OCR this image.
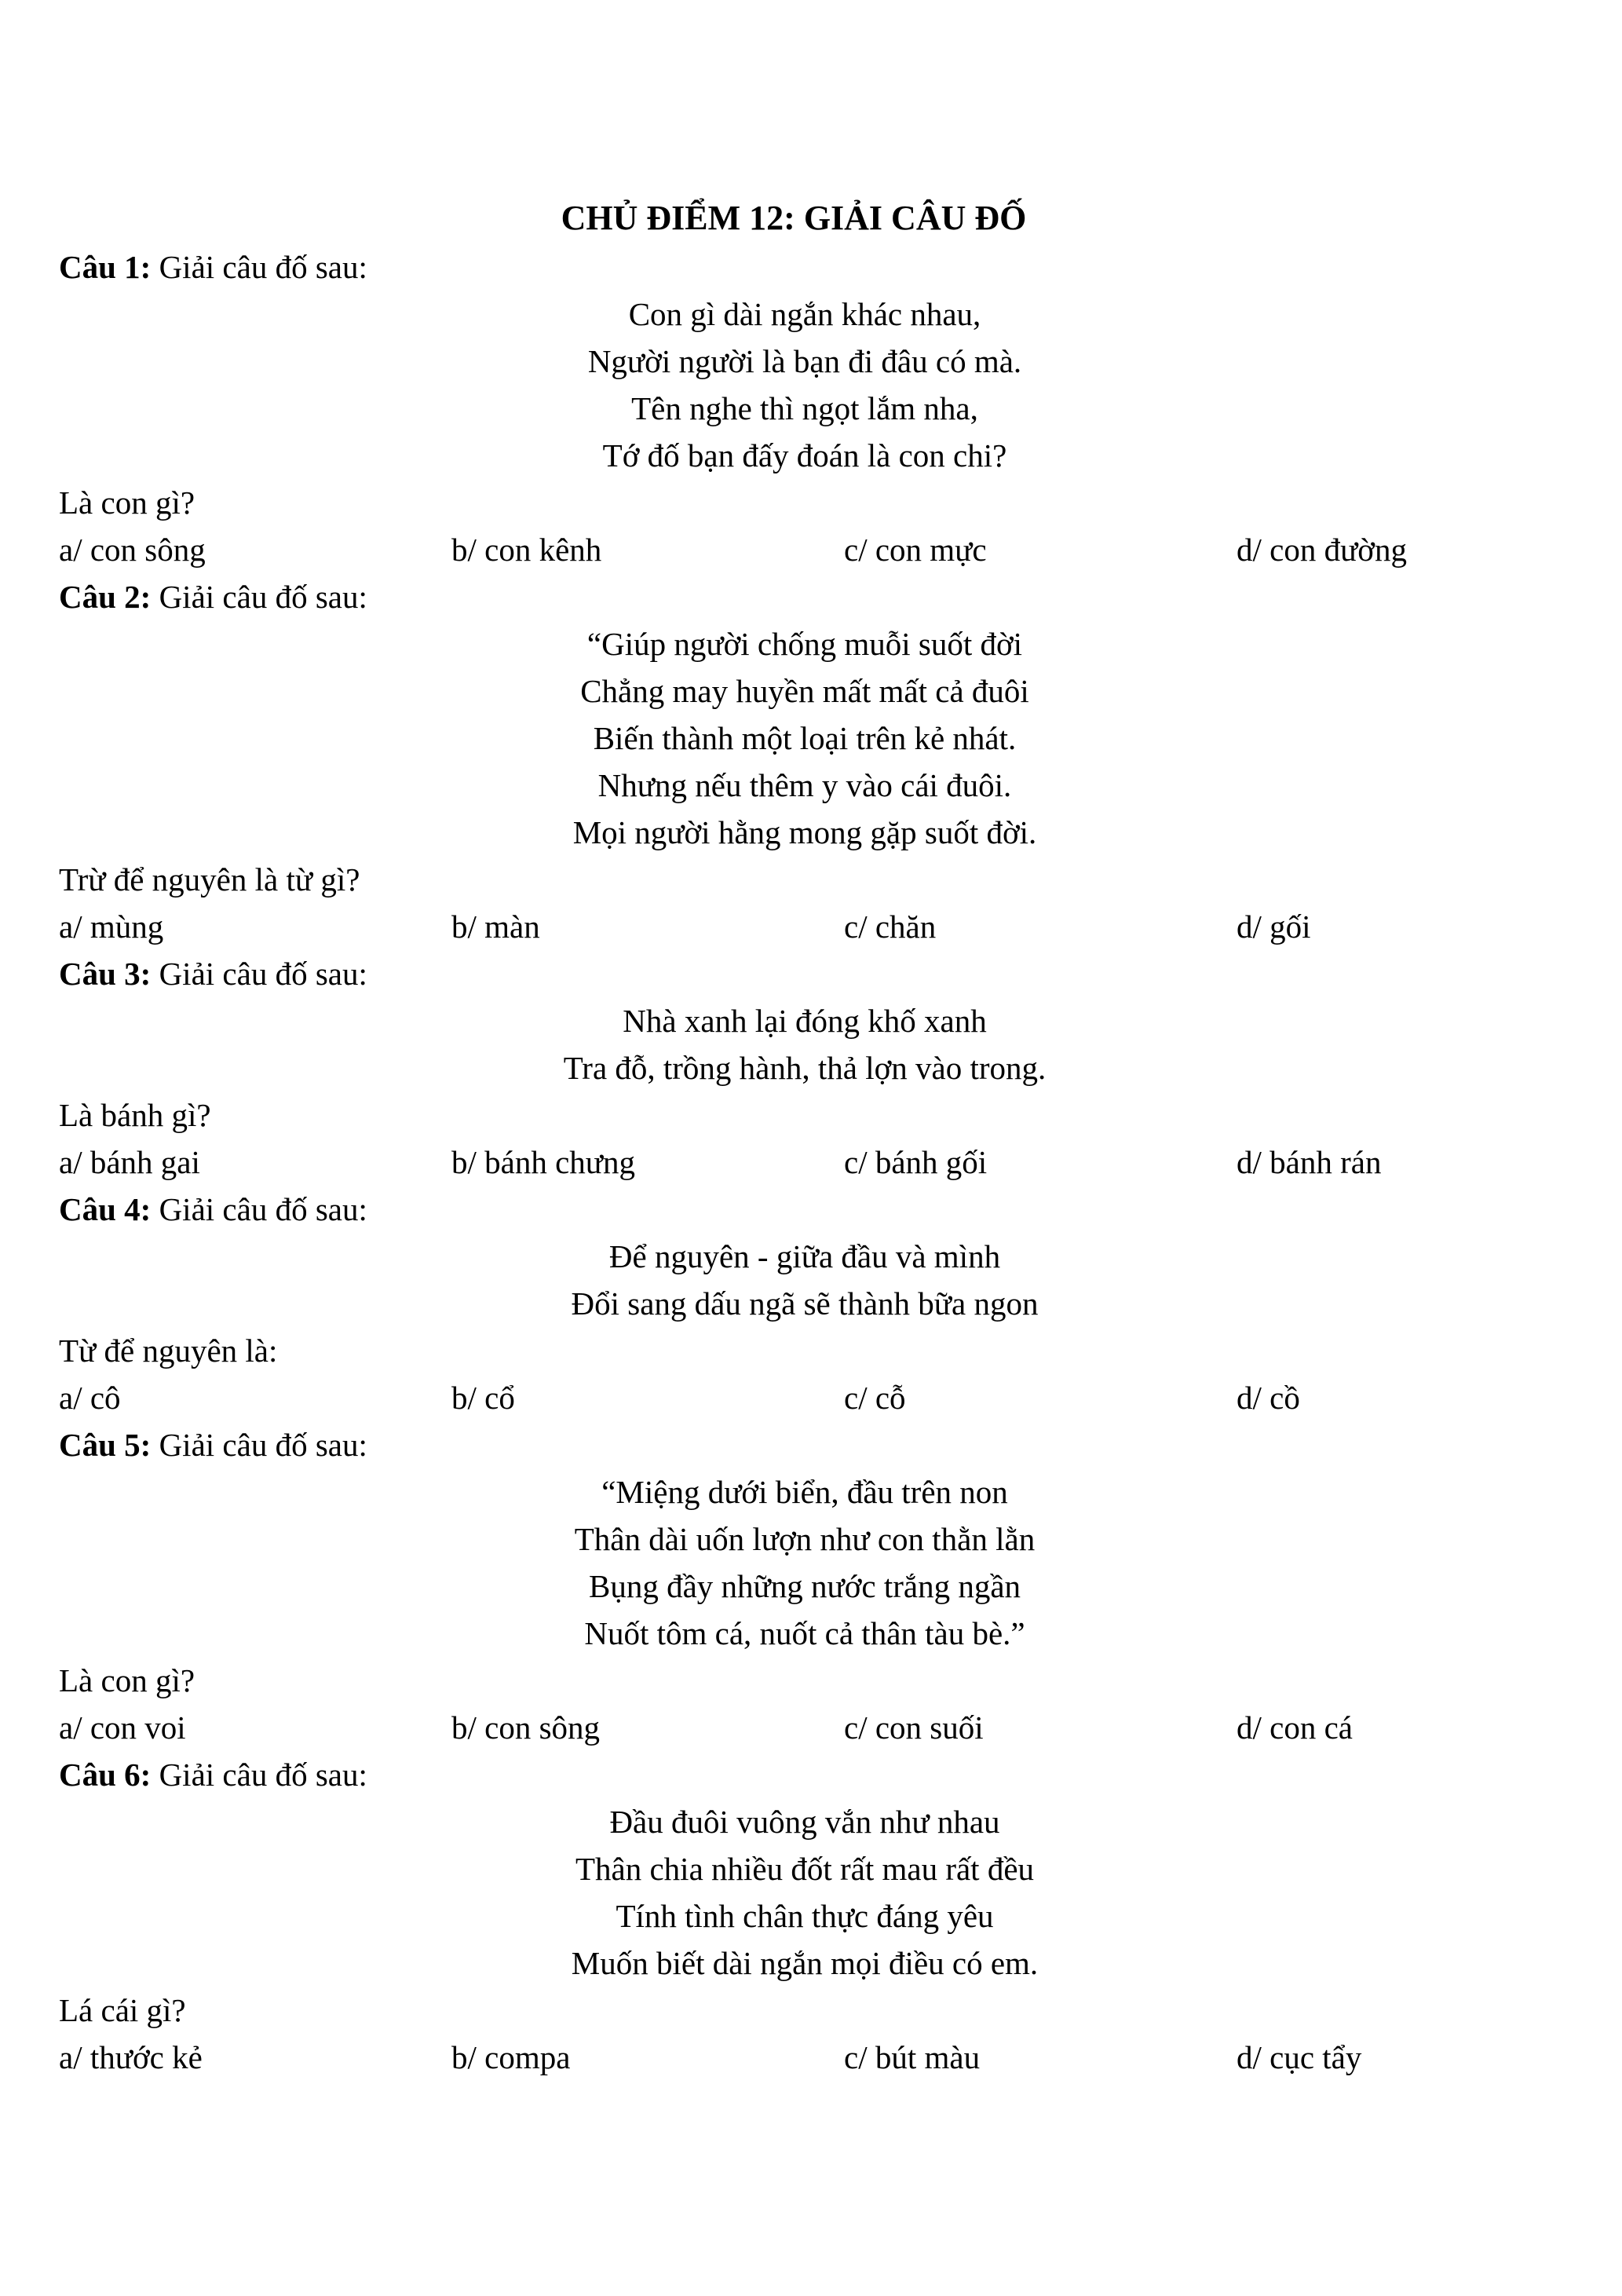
CHỦ ĐIỂM 12: GIẢI CÂU ĐỐ
Câu 1: Giải câu đố sau:
Con gì dài ngắn khác nhau,
Người người là bạn đi đâu có mà.
Tên nghe thì ngọt lắm nha,
Tớ đố bạn đấy đoán là con chi?
Là con gì?
a/ con sông	b/ con kênh	c/ con mực	d/ con đường
Câu 2: Giải câu đố sau:
“Giúp người chống muỗi suốt đời
Chẳng may huyền mất mất cả đuôi
Biến thành một loại trên kẻ nhát.
Nhưng nếu thêm y vào cái đuôi.
Mọi người hằng mong gặp suốt đời.
Trừ để nguyên là từ gì?
a/ mùng	b/ màn	c/ chăn	d/ gối
Câu 3: Giải câu đố sau:
Nhà xanh lại đóng khố xanh
Tra đỗ, trồng hành, thả lợn vào trong.
Là bánh gì?
a/ bánh gai	b/ bánh chưng	c/ bánh gối	d/ bánh rán
Câu 4: Giải câu đố sau:
Để nguyên - giữa đầu và mình
Đổi sang dấu ngã sẽ thành bữa ngon
Từ để nguyên là:
a/ cô	b/ cổ	c/ cỗ	d/ cồ
Câu 5: Giải câu đố sau:
“Miệng dưới biển, đầu trên non
Thân dài uốn lượn như con thằn lằn
Bụng đầy những nước trắng ngần
Nuốt tôm cá, nuốt cả thân tàu bè.”
Là con gì?
a/ con voi	b/ con sông	c/ con suối	d/ con cá
Câu 6: Giải câu đố sau:
Đầu đuôi vuông vắn như nhau
Thân chia nhiều đốt rất mau rất đều
Tính tình chân thực đáng yêu
Muốn biết dài ngắn mọi điều có em.
Lá cái gì?
a/ thước kẻ	b/ compa	c/ bút màu	d/ cục tẩy
